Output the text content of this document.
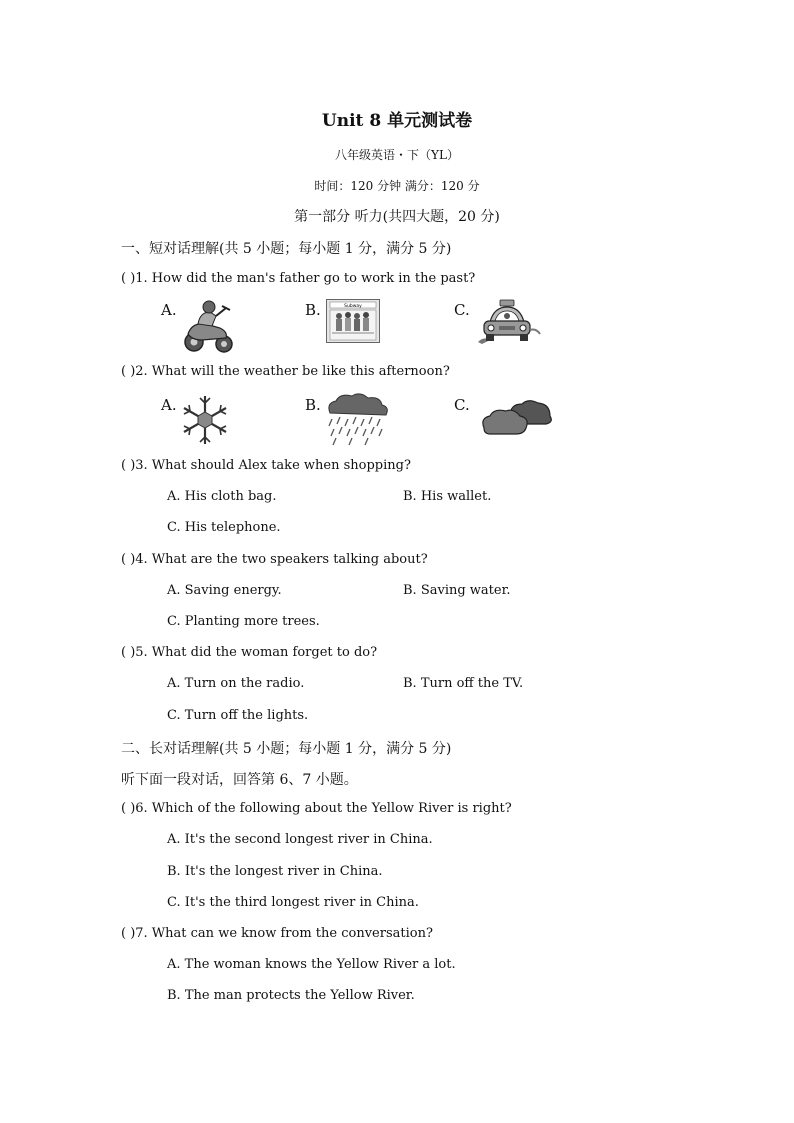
Unit 8 单元测试卷
八年级英语・下（YL）
时间：120 分钟 满分：120 分
第一部分 听力(共四大题，20 分)
一、短对话理解(共 5 小题；每小题 1 分，满分 5 分)
( )1. How did the man's father go to work in the past?
A.	B.	Subway	C.
( )2. What will the weather be like this afternoon?
A.	B.	C.
( )3. What should Alex take when shopping?
A. His cloth bag.	B. His wallet.
C. His telephone.
( )4. What are the two speakers talking about?
A. Saving energy.	B. Saving water.
C. Planting more trees.
( )5. What did the woman forget to do?
A. Turn on the radio.	B. Turn off the TV.
C. Turn off the lights.
二、长对话理解(共 5 小题；每小题 1 分，满分 5 分)
听下面一段对话，回答第 6、7 小题。
( )6. Which of the following about the Yellow River is right?
A. It's the second longest river in China.
B. It's the longest river in China.
C. It's the third longest river in China.
( )7. What can we know from the conversation?
A. The woman knows the Yellow River a lot.
B. The man protects the Yellow River.
